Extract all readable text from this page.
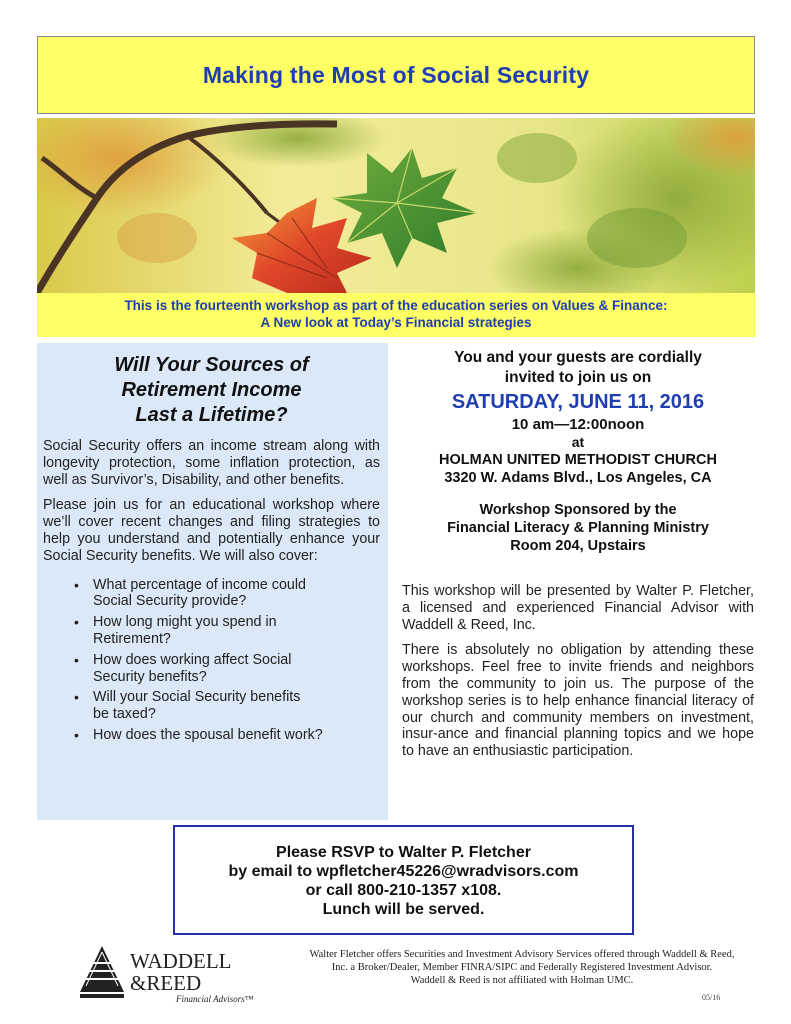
Making the Most of Social Security
This is the fourteenth workshop as part of the education series on Values & Finance:
A New look at Today’s Financial strategies
Will Your Sources of
Retirement Income
Last a Lifetime?

Social Security offers an income stream along with longevity protection, some inflation protection, as well as Survivor’s, Disability, and other benefits.

Please join us for an educational workshop where we’ll cover recent changes and filing strategies to help you understand and potentially enhance your Social Security benefits. We will also cover:

• What percentage of income could
Social Security provide?
• How long might you spend in
Retirement?
• How does working affect Social
Security benefits?
• Will your Social Security benefits
be taxed?
• How does the spousal benefit work?
You and your guests are cordially
invited to join us on
SATURDAY, JUNE 11, 2016
10 am—12:00noon
at
HOLMAN UNITED METHODIST CHURCH
3320 W. Adams Blvd., Los Angeles, CA
Workshop Sponsored by the
Financial Literacy & Planning Ministry
Room 204, Upstairs

This workshop will be presented by Walter P. Fletcher, a licensed and experienced Financial Advisor with Waddell & Reed, Inc.

There is absolutely no obligation by attending these workshops. Feel free to invite friends and neighbors from the community to join us. The purpose of the workshop series is to help enhance financial literacy of our church and community members on investment, insur-ance and financial planning topics and we hope to have an enthusiastic participation.

Please RSVP to Walter P. Fletcher
by email to wpfletcher45226@wradvisors.com
or call 800-210-1357 x108.
Lunch will be served.
WADDELL
&REED
Financial Advisors™
Walter Fletcher offers Securities and Investment Advisory Services offered through Waddell & Reed,
Inc. a Broker/Dealer, Member FINRA/SIPC and Federally Registered Investment Advisor.
Waddell & Reed is not affiliated with Holman UMC.
05/16
